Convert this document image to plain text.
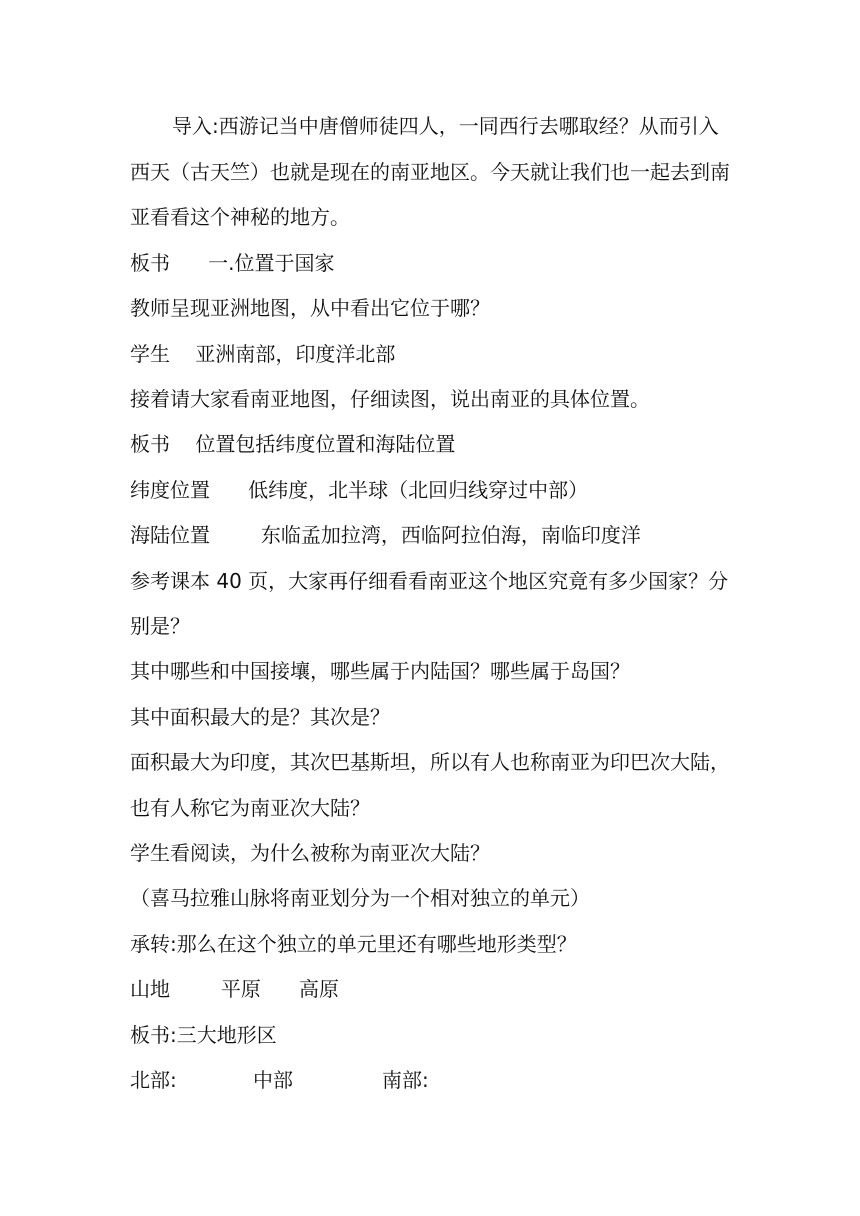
导入:西游记当中唐僧师徒四人，一同西行去哪取经？从而引入
西天（古天竺）也就是现在的南亚地区。今天就让我们也一起去到南
亚看看这个神秘的地方。
板书      一.位置于国家
教师呈现亚洲地图，从中看出它位于哪？
学生    亚洲南部，印度洋北部
接着请大家看南亚地图，仔细读图，说出南亚的具体位置。
板书    位置包括纬度位置和海陆位置
纬度位置      低纬度，北半球（北回归线穿过中部）
海陆位置        东临孟加拉湾，西临阿拉伯海，南临印度洋
参考课本 40 页，大家再仔细看看南亚这个地区究竟有多少国家？分
别是？
其中哪些和中国接壤，哪些属于内陆国？哪些属于岛国？
其中面积最大的是？其次是？
面积最大为印度，其次巴基斯坦，所以有人也称南亚为印巴次大陆，
也有人称它为南亚次大陆？
学生看阅读，为什么被称为南亚次大陆？
（喜马拉雅山脉将南亚划分为一个相对独立的单元）
承转:那么在这个独立的单元里还有哪些地形类型？
山地        平原      高原
板书:三大地形区
北部:            中部              南部:
